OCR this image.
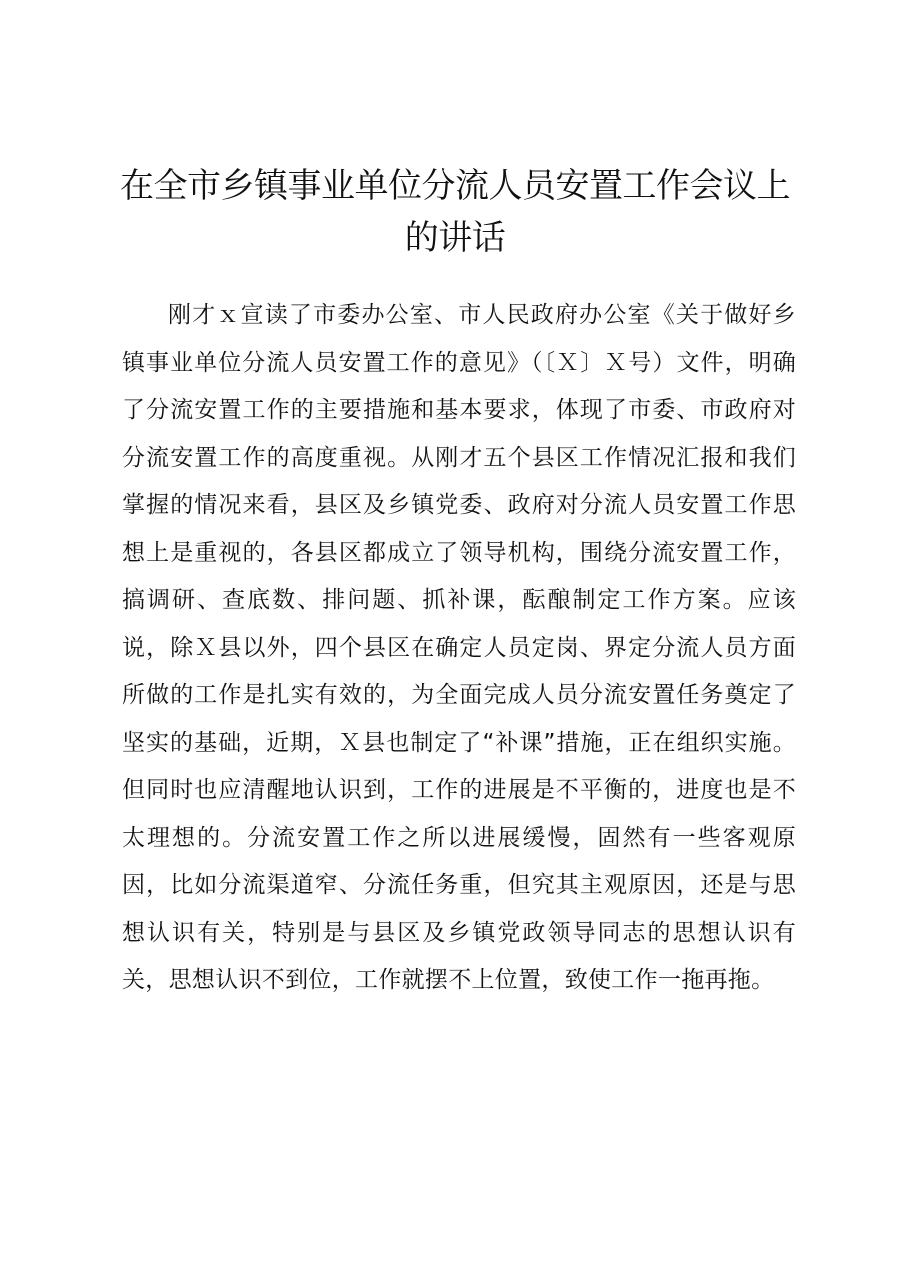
在全市乡镇事业单位分流人员安置工作会议上的讲话

刚才ｘ宣读了市委办公室、市人民政府办公室《关于做好乡镇事业单位分流人员安置工作的意见》（〔Ｘ〕Ｘ号）文件，明确了分流安置工作的主要措施和基本要求，体现了市委、市政府对分流安置工作的高度重视。从刚才五个县区工作情况汇报和我们掌握的情况来看，县区及乡镇党委、政府对分流人员安置工作思想上是重视的，各县区都成立了领导机构，围绕分流安置工作，搞调研、查底数、排问题、抓补课，酝酿制定工作方案。应该说，除Ｘ县以外，四个县区在确定人员定岗、界定分流人员方面所做的工作是扎实有效的，为全面完成人员分流安置任务奠定了坚实的基础，近期，Ｘ县也制定了“补课”措施，正在组织实施。但同时也应清醒地认识到，工作的进展是不平衡的，进度也是不太理想的。分流安置工作之所以进展缓慢，固然有一些客观原因，比如分流渠道窄、分流任务重，但究其主观原因，还是与思想认识有关，特别是与县区及乡镇党政领导同志的思想认识有关，思想认识不到位，工作就摆不上位置，致使工作一拖再拖。
